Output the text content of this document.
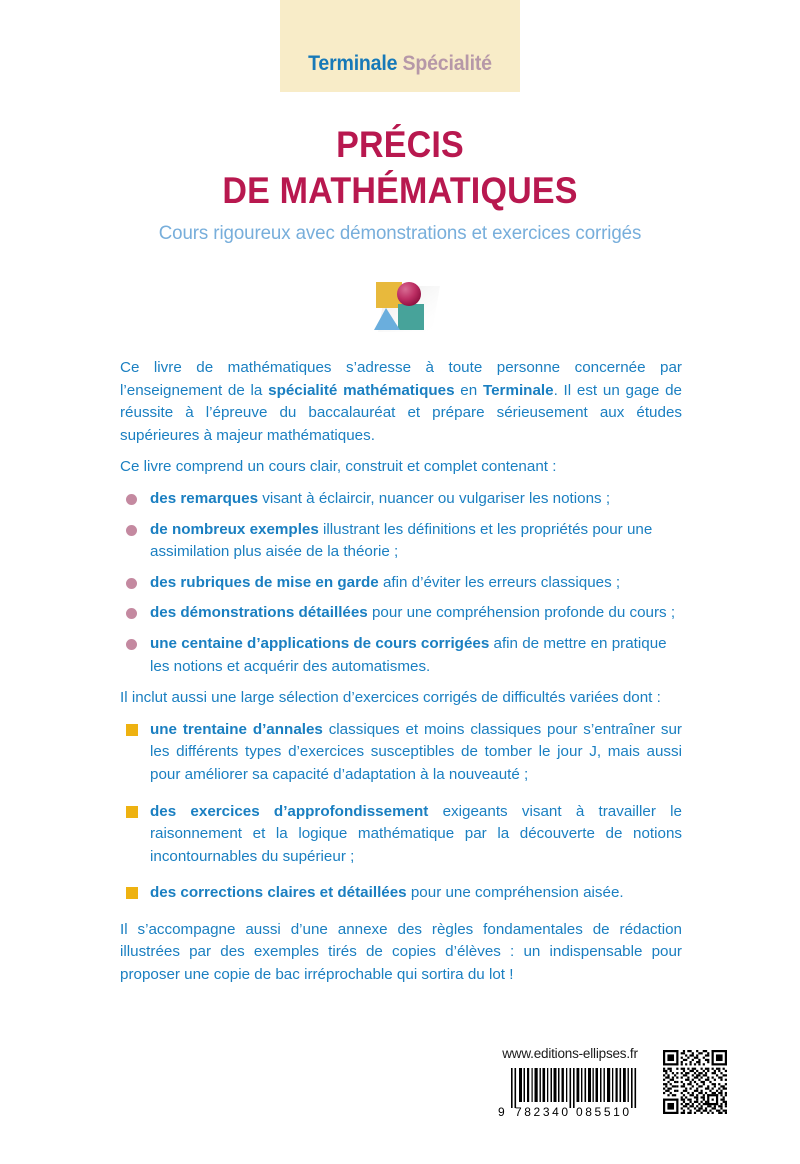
Terminale Spécialité
PRÉCIS
DE MATHÉMATIQUES
Cours rigoureux avec démonstrations et exercices corrigés

Ce livre de mathématiques s’adresse à toute personne concernée par l’enseignement de la spécialité mathématiques en Terminale. Il est un gage de réussite à l’épreuve du baccalauréat et prépare sérieusement aux études supérieures à majeur mathématiques.

Ce livre comprend un cours clair, construit et complet contenant :

des remarques visant à éclaircir, nuancer ou vulgariser les notions ;
de nombreux exemples illustrant les définitions et les propriétés pour une assimilation plus aisée de la théorie ;
des rubriques de mise en garde afin d’éviter les erreurs classiques ;
des démonstrations détaillées pour une compréhension profonde du cours ;
une centaine d’applications de cours corrigées afin de mettre en pratique les notions et acquérir des automatismes.

Il inclut aussi une large sélection d’exercices corrigés de difficultés variées dont :

une trentaine d’annales classiques et moins classiques pour s’entraîner sur les différents types d’exercices susceptibles de tomber le jour J, mais aussi pour améliorer sa capacité d’adaptation à la nouveauté ;
des exercices d’approfondissement exigeants visant à travailler le raisonnement et la logique mathématique par la découverte de notions incontournables du supérieur ;
des corrections claires et détaillées pour une compréhension aisée.

Il s’accompagne aussi d’une annexe des règles fondamentales de rédaction illustrées par des exemples tirés de copies d’élèves : un indispensable pour proposer une copie de bac irréprochable qui sortira du lot !

www.editions-ellipses.fr
9 782340 085510
